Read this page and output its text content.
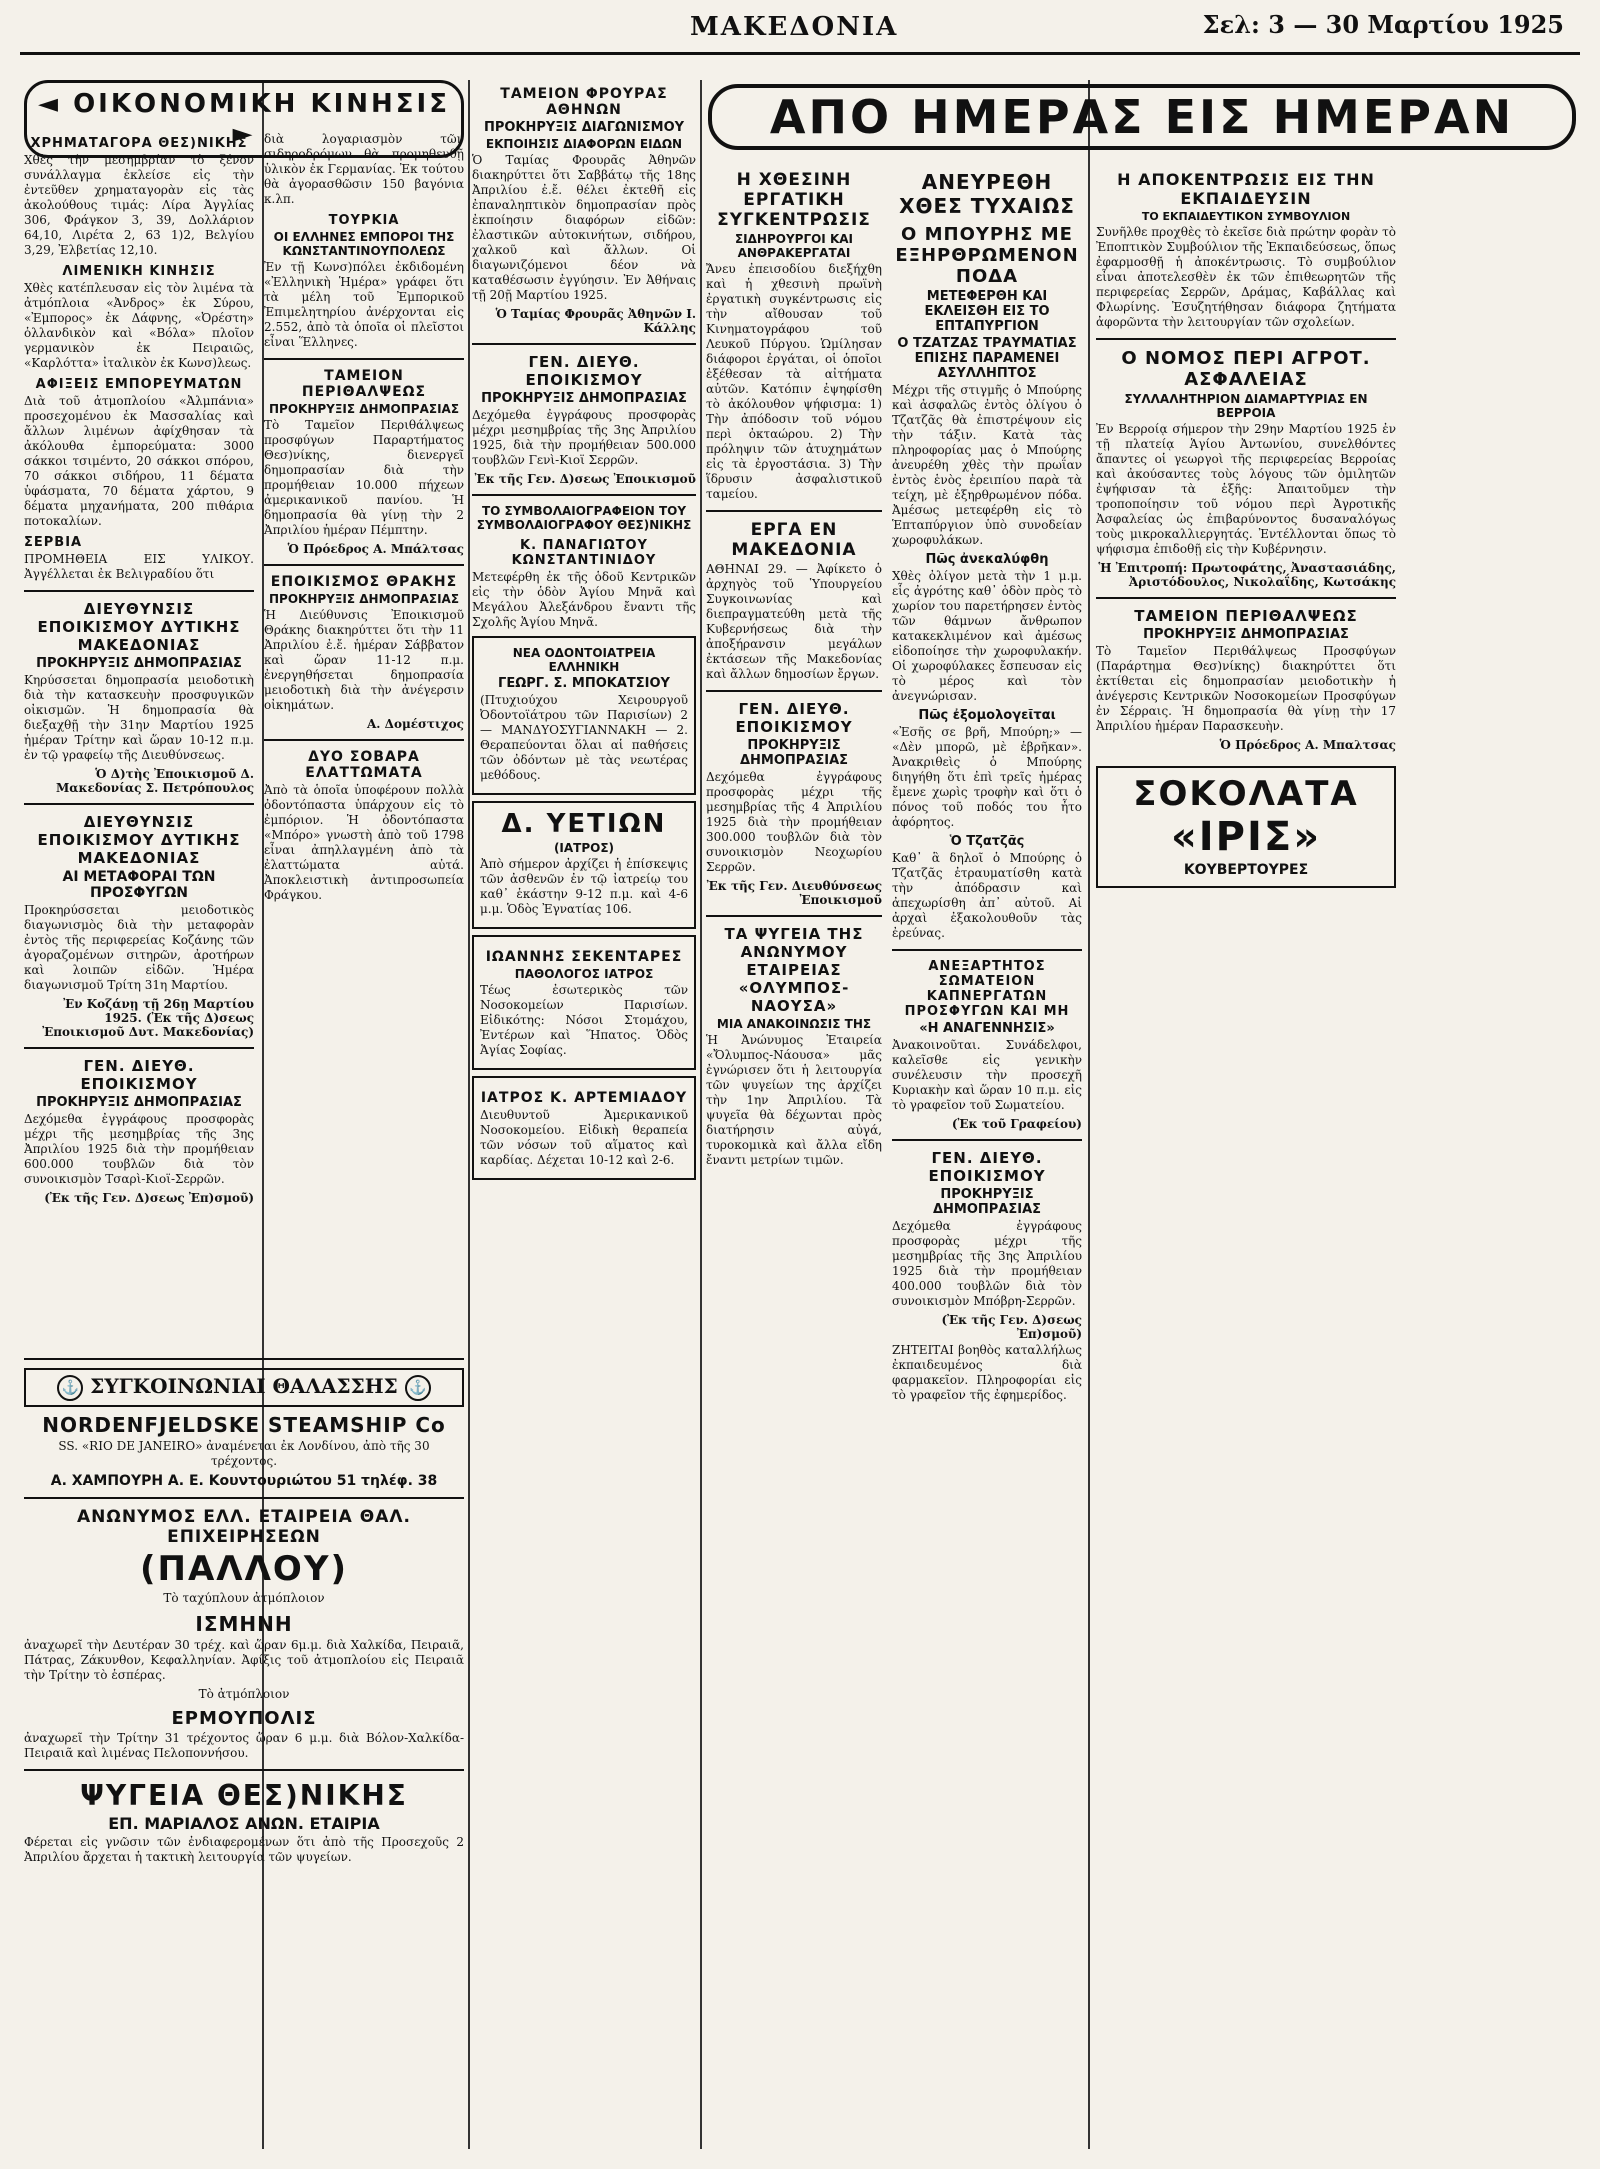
ΜΑΚΕΔΟΝΙΑ	Σελ: 3 — 30 Μαρτίου 1925
◄ ΟΙΚΟΝΟΜΙΚΗ ΚΙΝΗΣΙΣ ►
ΧΡΗΜΑΤΑΓΟΡΑ ΘΕΣ)ΝΙΚΗΣ
Χθὲς τὴν μεσημβρίαν τὸ ξένον συνάλλαγμα ἐκλείσε εἰς τὴν ἐντεῦθεν χρηματαγορὰν εἰς τὰς ἀκολούθους τιμάς: Λίρα Ἀγγλίας 306, Φράγκον 3, 39, Δολλάριον 64,10, Λιρέτα 2, 63 1)2, Βελγίου 3,29, Ἐλβετίας 12,10.
ΛΙΜΕΝΙΚΗ ΚΙΝΗΣΙΣ
Χθὲς κατέπλευσαν εἰς τὸν λιμένα τὰ ἀτμόπλοια «Ἀνδρος» ἐκ Σύρου, «Ἐμπορος» ἐκ Δάφνης, «Ὀρέστη» ὁλλανδικὸν καὶ «Βόλα» πλοῖον γερμανικὸν ἐκ Πειραιῶς, «Καρλόττα» ἰταλικὸν ἐκ Κωνσ)λεως.
ΑΦΙΞΕΙΣ ΕΜΠΟΡΕΥΜΑΤΩΝ
Διὰ τοῦ ἀτμοπλοίου «Ἀλμπάνια» προσεχομένου ἐκ Μασσαλίας καὶ ἄλλων λιμένων ἀφίχθησαν τὰ ἀκόλουθα ἐμπορεύματα: 3000 σάκκοι τσιμέντο, 20 σάκκοι σπόρου, 70 σάκκοι σιδήρου, 11 δέματα ὑφάσματα, 70 δέματα χάρτου, 9 δέματα μηχανήματα, 200 πιθάρια ποτοκαλίων.
ΣΕΡΒΙΑ
ΠΡΟΜΗΘΕΙΑ ΕΙΣ ΥΛΙΚΟΥ. Ἀγγέλλεται ἐκ Βελιγραδίου ὅτι
ΔΙΕΥΘΥΝΣΙΣ ΕΠΟΙΚΙΣΜΟΥ ΔΥΤΙΚΗΣ ΜΑΚΕΔΟΝΙΑΣ
ΠΡΟΚΗΡΥΞΙΣ ΔΗΜΟΠΡΑΣΙΑΣ
Κηρύσσεται δημοπρασία μειοδοτικὴ διὰ τὴν κατασκευὴν προσφυγικῶν οἰκισμῶν. Ἡ δημοπρασία θὰ διεξαχθῇ τὴν 31ην Μαρτίου 1925 ἡμέραν Τρίτην καὶ ὥραν 10-12 π.μ. ἐν τῷ γραφείῳ τῆς Διευθύνσεως.
Ὁ Δ)τὴς Ἐποικισμοῦ Δ. Μακεδονίας Σ. Πετρόπουλος
ΔΙΕΥΘΥΝΣΙΣ ΕΠΟΙΚΙΣΜΟΥ ΔΥΤΙΚΗΣ ΜΑΚΕΔΟΝΙΑΣ
ΑΙ ΜΕΤΑΦΟΡΑΙ ΤΩΝ ΠΡΟΣΦΥΓΩΝ
Προκηρύσσεται μειοδοτικὸς διαγωνισμὸς διὰ τὴν μεταφορὰν ἐντὸς τῆς περιφερείας Κοζάνης τῶν ἀγοραζομένων σιτηρῶν, ἀροτήρων καὶ λοιπῶν εἰδῶν. Ἡμέρα διαγωνισμοῦ Τρίτη 31η Μαρτίου.
Ἐν Κοζάνῃ τῇ 26ῃ Μαρτίου 1925. (Ἐκ τῆς Δ)σεως Ἐποικισμοῦ Δυτ. Μακεδονίας)
ΓΕΝ. ΔΙΕΥΘ. ΕΠΟΙΚΙΣΜΟΥ
ΠΡΟΚΗΡΥΞΙΣ ΔΗΜΟΠΡΑΣΙΑΣ
Δεχόμεθα ἐγγράφους προσφορὰς μέχρι τῆς μεσημβρίας τῆς 3ης Ἀπριλίου 1925 διὰ τὴν προμήθειαν 600.000 τουβλῶν διὰ τὸν συνοικισμὸν Τσαρὶ-Κιοϊ-Σερρῶν.
(Ἐκ τῆς Γεν. Δ)σεως Ἐπ)σμοῦ)
διὰ λογαριασμὸν τῶν σιδηροδρόμων θὰ προμηθευθῇ ὑλικὸν ἐκ Γερμανίας. Ἐκ τούτου θὰ ἀγορασθῶσιν 150 βαγόνια κ.λπ.
ΤΟΥΡΚΙΑ
ΟΙ ΕΛΛΗΝΕΣ ΕΜΠΟΡΟΙ ΤΗΣ ΚΩΝΣΤΑΝΤΙΝΟΥΠΟΛΕΩΣ
Ἐν τῇ Κωνσ)πόλει ἐκδιδομένη «Ἐλληνικὴ Ἡμέρα» γράφει ὅτι τὰ μέλη τοῦ Ἐμπορικοῦ Ἐπιμελητηρίου ἀνέρχονται εἰς 2.552, ἀπὸ τὰ ὁποῖα οἱ πλεῖστοι εἶναι Ἕλληνες.
ΤΑΜΕΙΟΝ ΠΕΡΙΘΑΛΨΕΩΣ
ΠΡΟΚΗΡΥΞΙΣ ΔΗΜΟΠΡΑΣΙΑΣ
Τὸ Ταμεῖον Περιθάλψεως προσφύγων Παραρτήματος Θεσ)νίκης, διενεργεῖ δημοπρασίαν διὰ τὴν προμήθειαν 10.000 πήχεων ἀμερικανικοῦ πανίου. Ἡ δημοπρασία θὰ γίνῃ τὴν 2 Ἀπριλίου ἡμέραν Πέμπτην.
Ὁ Πρόεδρος Α. Μπάλτσας
ΕΠΟΙΚΙΣΜΟΣ ΘΡΑΚΗΣ
ΠΡΟΚΗΡΥΞΙΣ ΔΗΜΟΠΡΑΣΙΑΣ
Ἡ Διεύθυνσις Ἐποικισμοῦ Θράκης διακηρύττει ὅτι τὴν 11 Ἀπριλίου ἐ.ἔ. ἡμέραν Σάββατον καὶ ὥραν 11-12 π.μ. ἐνεργηθήσεται δημοπρασία μειοδοτικὴ διὰ τὴν ἀνέγερσιν οἰκημάτων.
Α. Δομέστιχος
ΔΥΟ ΣΟΒΑΡΑ ΕΛΑΤΤΩΜΑΤΑ
Ἀπὸ τὰ ὁποῖα ὑποφέρουν πολλὰ ὀδοντόπαστα ὑπάρχουν εἰς τὸ ἐμπόριον. Ἡ ὀδοντόπαστα «Μπόρο» γνωστὴ ἀπὸ τοῦ 1798 εἶναι ἀπηλλαγμένη ἀπὸ τὰ ἐλαττώματα αὐτά. Ἀποκλειστικὴ ἀντιπροσωπεία Φράγκου.
⚓ ΣΥΓΚΟΙΝΩΝΙΑΙ ΘΑΛΑΣΣΗΣ ⚓
NORDENFJELDSKE STEAMSHIP Co
SS. «RIO DE JANEIRO» ἀναμένεται ἐκ Λονδίνου, ἀπὸ τῆς 30 τρέχοντος.
Α. ΧΑΜΠΟΥΡΗ Α. Ε. Κουντουριώτου 51 τηλέφ. 38
ΑΝΩΝΥΜΟΣ ΕΛΛ. ΕΤΑΙΡΕΙΑ ΘΑΛ. ΕΠΙΧΕΙΡΗΣΕΩΝ
(ΠΑΛΛΟΥ)
Τὸ ταχύπλουν ἀτμόπλοιον
ΙΣΜΗΝΗ
ἀναχωρεῖ τὴν Δευτέραν 30 τρέχ. καὶ ὥραν 6μ.μ. διὰ Χαλκίδα, Πειραιᾶ, Πάτρας, Ζάκυνθον, Κεφαλληνίαν. Ἀφίξις τοῦ ἀτμοπλοίου εἰς Πειραιᾶ τὴν Τρίτην τὸ ἑσπέρας.
Τὸ ἀτμόπλοιον
ΕΡΜΟΥΠΟΛΙΣ
ἀναχωρεῖ τὴν Τρίτην 31 τρέχοντος ὥραν 6 μ.μ. διὰ Βόλον-Χαλκίδα-Πειραιᾶ καὶ λιμένας Πελοποννήσου.
ΨΥΓΕΙΑ ΘΕΣ)ΝΙΚΗΣ
ΕΠ. ΜΑΡΙΑΛΟΣ ΑΝΩΝ. ΕΤΑΙΡΙΑ
Φέρεται εἰς γνῶσιν τῶν ἐνδιαφερομένων ὅτι ἀπὸ τῆς Προσεχοῦς 2 Ἀπριλίου ἄρχεται ἡ τακτικὴ λειτουργία τῶν ψυγείων.
ΤΑΜΕΙΟΝ ΦΡΟΥΡΑΣ ΑΘΗΝΩΝ
ΠΡΟΚΗΡΥΞΙΣ ΔΙΑΓΩΝΙΣΜΟΥ
ΕΚΠΟΙΗΣΙΣ ΔΙΑΦΟΡΩΝ ΕΙΔΩΝ
Ὁ Ταμίας Φρουρᾶς Ἀθηνῶν διακηρύττει ὅτι Σαββάτῳ τῆς 18ης Ἀπριλίου ἐ.ἔ. θέλει ἐκτεθῆ εἰς ἐπαναληπτικὸν δημοπρασίαν πρὸς ἐκποίησιν διαφόρων εἰδῶν: ἐλαστικῶν αὐτοκινήτων, σιδήρου, χαλκοῦ καὶ ἄλλων. Οἱ διαγωνιζόμενοι δέον νὰ καταθέσωσιν ἐγγύησιν. Ἐν Ἀθήναις τῇ 20ῇ Μαρτίου 1925.
Ὁ Ταμίας Φρουρᾶς Ἀθηνῶν Ι. Κάλλης
ΓΕΝ. ΔΙΕΥΘ. ΕΠΟΙΚΙΣΜΟΥ
ΠΡΟΚΗΡΥΞΙΣ ΔΗΜΟΠΡΑΣΙΑΣ
Δεχόμεθα ἐγγράφους προσφορὰς μέχρι μεσημβρίας τῆς 3ης Ἀπριλίου 1925, διὰ τὴν προμήθειαν 500.000 τουβλῶν Γενὶ-Κιοϊ Σερρῶν.
Ἐκ τῆς Γεν. Δ)σεως Ἐποικισμοῦ
ΤΟ ΣΥΜΒΟΛΑΙΟΓΡΑΦΕΙΟΝ ΤΟΥ ΣΥΜΒΟΛΑΙΟΓΡΑΦΟΥ ΘΕΣ)ΝΙΚΗΣ
Κ. ΠΑΝΑΓΙΩΤΟΥ ΚΩΝΣΤΑΝΤΙΝΙΔΟΥ
Μετεφέρθη ἐκ τῆς ὁδοῦ Κεντρικῶν εἰς τὴν ὁδὸν Ἁγίου Μηνᾶ καὶ Μεγάλου Ἀλεξάνδρου ἔναντι τῆς Σχολῆς Ἁγίου Μηνᾶ.
ΝΕΑ ΟΔΟΝΤΟΙΑΤΡΕΙΑ ΕΛΛΗΝΙΚΗ
ΓΕΩΡΓ. Σ. ΜΠΟΚΑΤΣΙΟΥ
(Πτυχιούχου Χειρουργοῦ Ὀδοντοϊάτρου τῶν Παρισίων) 2 — ΜΑΝΔΥΟΣΥΓΙΑΝΝΑΚΗ — 2. Θεραπεύονται ὅλαι αἱ παθήσεις τῶν ὀδόντων μὲ τὰς νεωτέρας μεθόδους.
Δ. ΥΕΤΙΩΝ
(ΙΑΤΡΟΣ)
Ἀπὸ σήμερον ἀρχίζει ἡ ἐπίσκεψις τῶν ἀσθενῶν ἐν τῷ ἰατρείῳ του καθ᾽ ἑκάστην 9-12 π.μ. καὶ 4-6 μ.μ. Ὁδὸς Ἐγνατίας 106.
ΙΩΑΝΝΗΣ ΣΕΚΕΝΤΑΡΕΣ
ΠΑΘΟΛΟΓΟΣ ΙΑΤΡΟΣ
Τέως ἐσωτερικὸς τῶν Νοσοκομείων Παρισίων. Εἰδικότης: Νόσοι Στομάχου, Ἐντέρων καὶ Ἥπατος. Ὁδὸς Ἁγίας Σοφίας.
ΙΑΤΡΟΣ Κ. ΑΡΤΕΜΙΑΔΟΥ
Διευθυντοῦ Ἀμερικανικοῦ Νοσοκομείου. Εἰδικὴ θεραπεία τῶν νόσων τοῦ αἵματος καὶ καρδίας. Δέχεται 10-12 καὶ 2-6.
ΑΠΟ ΗΜΕΡΑΣ ΕΙΣ ΗΜΕΡΑΝ
Η ΧΘΕΣΙΝΗ ΕΡΓΑΤΙΚΗ ΣΥΓΚΕΝΤΡΩΣΙΣ
ΣΙΔΗΡΟΥΡΓΟΙ ΚΑΙ ΑΝΘΡΑΚΕΡΓΑΤΑΙ
Ἄνευ ἐπεισοδίου διεξήχθη καὶ ἡ χθεσινὴ πρωϊνὴ ἐργατικὴ συγκέντρωσις εἰς τὴν αἴθουσαν τοῦ Κινηματογράφου τοῦ Λευκοῦ Πύργου. Ὡμίλησαν διάφοροι ἐργάται, οἱ ὁποῖοι ἐξέθεσαν τὰ αἰτήματα αὐτῶν. Κατόπιν ἐψηφίσθη τὸ ἀκόλουθον ψήφισμα: 1) Τὴν ἀπόδοσιν τοῦ νόμου περὶ ὀκταώρου. 2) Τὴν πρόληψιν τῶν ἀτυχημάτων εἰς τὰ ἐργοστάσια. 3) Τὴν ἵδρυσιν ἀσφαλιστικοῦ ταμείου.
ΕΡΓΑ ΕΝ ΜΑΚΕΔΟΝΙΑ
ΑΘΗΝΑΙ 29. — Ἀφίκετο ὁ ἀρχηγὸς τοῦ Ὑπουργείου Συγκοινωνίας καὶ διεπραγματεύθη μετὰ τῆς Κυβερνήσεως διὰ τὴν ἀποξήρανσιν μεγάλων ἐκτάσεων τῆς Μακεδονίας καὶ ἄλλων δημοσίων ἔργων.
ΓΕΝ. ΔΙΕΥΘ. ΕΠΟΙΚΙΣΜΟΥ
ΠΡΟΚΗΡΥΞΙΣ ΔΗΜΟΠΡΑΣΙΑΣ
Δεχόμεθα ἐγγράφους προσφορὰς μέχρι τῆς μεσημβρίας τῆς 4 Ἀπριλίου 1925 διὰ τὴν προμήθειαν 300.000 τουβλῶν διὰ τὸν συνοικισμὸν Νεοχωρίου Σερρῶν.
Ἐκ τῆς Γεν. Διευθύνσεως Ἐποικισμοῦ
ΤΑ ΨΥΓΕΙΑ ΤΗΣ ΑΝΩΝΥΜΟΥ ΕΤΑΙΡΕΙΑΣ «ΟΛΥΜΠΟΣ-ΝΑΟΥΣΑ»
ΜΙΑ ΑΝΑΚΟΙΝΩΣΙΣ ΤΗΣ
Ἡ Ἀνώνυμος Ἑταιρεία «Ὄλυμπος-Νάουσα» μᾶς ἐγνώρισεν ὅτι ἡ λειτουργία τῶν ψυγείων της ἀρχίζει τὴν 1ην Ἀπριλίου. Τὰ ψυγεῖα θὰ δέχωνται πρὸς διατήρησιν αὐγά, τυροκομικὰ καὶ ἄλλα εἴδη ἔναντι μετρίων τιμῶν.
ΑΝΕΥΡΕΘΗ ΧΘΕΣ ΤΥΧΑΙΩΣ
Ο ΜΠΟΥΡΗΣ ΜΕ ΕΞΗΡΘΡΩΜΕΝΟΝ ΠΟΔΑ
ΜΕΤΕΦΕΡΘΗ ΚΑΙ ΕΚΛΕΙΣΘΗ ΕΙΣ ΤΟ ΕΠΤΑΠΥΡΓΙΟΝ
Ο ΤΖΑΤΖΑΣ ΤΡΑΥΜΑΤΙΑΣ ΕΠΙΣΗΣ ΠΑΡΑΜΕΝΕΙ ΑΣΥΛΛΗΠΤΟΣ
Μέχρι τῆς στιγμῆς ὁ Μπούρης καὶ ἀσφαλῶς ἐντὸς ὀλίγου ὁ Τζατζᾶς θὰ ἐπιστρέψουν εἰς τὴν τάξιν. Κατὰ τὰς πληροφορίας μας ὁ Μπούρης ἀνευρέθη χθὲς τὴν πρωΐαν ἐντὸς ἑνὸς ἐρειπίου παρὰ τὰ τείχη, μὲ ἐξηρθρωμένον πόδα. Ἀμέσως μετεφέρθη εἰς τὸ Ἑπταπύργιον ὑπὸ συνοδείαν χωροφυλάκων.
Πῶς ἀνεκαλύφθη
Χθὲς ὀλίγον μετὰ τὴν 1 μ.μ. εἷς ἀγρότης καθ᾽ ὁδὸν πρὸς τὸ χωρίον του παρετήρησεν ἐντὸς τῶν θάμνων ἄνθρωπον κατακεκλιμένον καὶ ἀμέσως εἰδοποίησε τὴν χωροφυλακήν. Οἱ χωροφύλακες ἔσπευσαν εἰς τὸ μέρος καὶ τὸν ἀνεγνώρισαν.
Πῶς ἐξομολογεῖται
«Ἐσῆς σε βρῆ, Μπούρη;» — «Δὲν μπορῶ, μὲ ἐβρῆκαν». Ἀνακριθεὶς ὁ Μπούρης διηγήθη ὅτι ἐπὶ τρεῖς ἡμέρας ἔμενε χωρὶς τροφὴν καὶ ὅτι ὁ πόνος τοῦ ποδός του ἦτο ἀφόρητος.
Ὁ Τζατζᾶς
Καθ᾽ ἃ δηλοῖ ὁ Μπούρης ὁ Τζατζᾶς ἐτραυματίσθη κατὰ τὴν ἀπόδρασιν καὶ ἀπεχωρίσθη ἀπ᾽ αὐτοῦ. Αἱ ἀρχαὶ ἐξακολουθοῦν τὰς ἐρεύνας.
ΑΝΕΞΑΡΤΗΤΟΣ ΣΩΜΑΤΕΙΟΝ ΚΑΠΝΕΡΓΑΤΩΝ ΠΡΟΣΦΥΓΩΝ ΚΑΙ ΜΗ
«Η ΑΝΑΓΕΝΝΗΣΙΣ»
Ἀνακοινοῦται. Συνάδελφοι, καλεῖσθε εἰς γενικὴν συνέλευσιν τὴν προσεχῆ Κυριακὴν καὶ ὥραν 10 π.μ. εἰς τὸ γραφεῖον τοῦ Σωματείου.
(Ἐκ τοῦ Γραφείου)
ΓΕΝ. ΔΙΕΥΘ. ΕΠΟΙΚΙΣΜΟΥ
ΠΡΟΚΗΡΥΞΙΣ ΔΗΜΟΠΡΑΣΙΑΣ
Δεχόμεθα ἐγγράφους προσφορὰς μέχρι τῆς μεσημβρίας τῆς 3ης Ἀπριλίου 1925 διὰ τὴν προμήθειαν 400.000 τουβλῶν διὰ τὸν συνοικισμὸν Μπόβρη-Σερρῶν.
(Ἐκ τῆς Γεν. Δ)σεως Ἐπ)σμοῦ)
ΖΗΤΕΙΤΑΙ βοηθὸς καταλλήλως ἐκπαιδευμένος διὰ φαρμακεῖον. Πληροφορίαι εἰς τὸ γραφεῖον τῆς ἐφημερίδος.
Η ΑΠΟΚΕΝΤΡΩΣΙΣ ΕΙΣ ΤΗΝ ΕΚΠΑΙΔΕΥΣΙΝ
ΤΟ ΕΚΠΑΙΔΕΥΤΙΚΟΝ ΣΥΜΒΟΥΛΙΟΝ
Συνῆλθε προχθὲς τὸ ἐκεῖσε διὰ πρώτην φορὰν τὸ Ἐποπτικὸν Συμβούλιον τῆς Ἐκπαιδεύσεως, ὅπως ἐφαρμοσθῇ ἡ ἀποκέντρωσις. Τὸ συμβούλιον εἶναι ἀποτελεσθὲν ἐκ τῶν ἐπιθεωρητῶν τῆς περιφερείας Σερρῶν, Δράμας, Καβάλλας καὶ Φλωρίνης. Ἐσυζητήθησαν διάφορα ζητήματα ἀφορῶντα τὴν λειτουργίαν τῶν σχολείων.
Ο ΝΟΜΟΣ ΠΕΡΙ ΑΓΡΟΤ. ΑΣΦΑΛΕΙΑΣ
ΣΥΛΛΑΛΗΤΗΡΙΟΝ ΔΙΑΜΑΡΤΥΡΙΑΣ ΕΝ ΒΕΡΡΟΙΑ
Ἐν Βερροίᾳ σήμερον τὴν 29ην Μαρτίου 1925 ἐν τῇ πλατείᾳ Ἁγίου Ἀντωνίου, συνελθόντες ἄπαντες οἱ γεωργοὶ τῆς περιφερείας Βερροίας καὶ ἀκούσαντες τοὺς λόγους τῶν ὁμιλητῶν ἐψήφισαν τὰ ἑξῆς: Ἀπαιτοῦμεν τὴν τροποποίησιν τοῦ νόμου περὶ Ἀγροτικῆς Ἀσφαλείας ὡς ἐπιβαρύνοντος δυσαναλόγως τοὺς μικροκαλλιεργητάς. Ἐντέλλονται ὅπως τὸ ψήφισμα ἐπιδοθῇ εἰς τὴν Κυβέρνησιν.
Ἡ Ἐπιτροπή: Πρωτοφάτης, Ἀναστασιάδης, Ἀριστόδουλος, Νικολαΐδης, Κωτσάκης
ΤΑΜΕΙΟΝ ΠΕΡΙΘΑΛΨΕΩΣ
ΠΡΟΚΗΡΥΞΙΣ ΔΗΜΟΠΡΑΣΙΑΣ
Τὸ Ταμεῖον Περιθάλψεως Προσφύγων (Παράρτημα Θεσ)νίκης) διακηρύττει ὅτι ἐκτίθεται εἰς δημοπρασίαν μειοδοτικὴν ἡ ἀνέγερσις Κεντρικῶν Νοσοκομείων Προσφύγων ἐν Σέρραις. Ἡ δημοπρασία θὰ γίνῃ τὴν 17 Ἀπριλίου ἡμέραν Παρασκευὴν.
Ὁ Πρόεδρος Α. Μπαλτσας
ΣΟΚΟΛΑΤΑ
«ΙΡΙΣ»
ΚΟΥΒΕΡΤΟΥΡΕΣ
